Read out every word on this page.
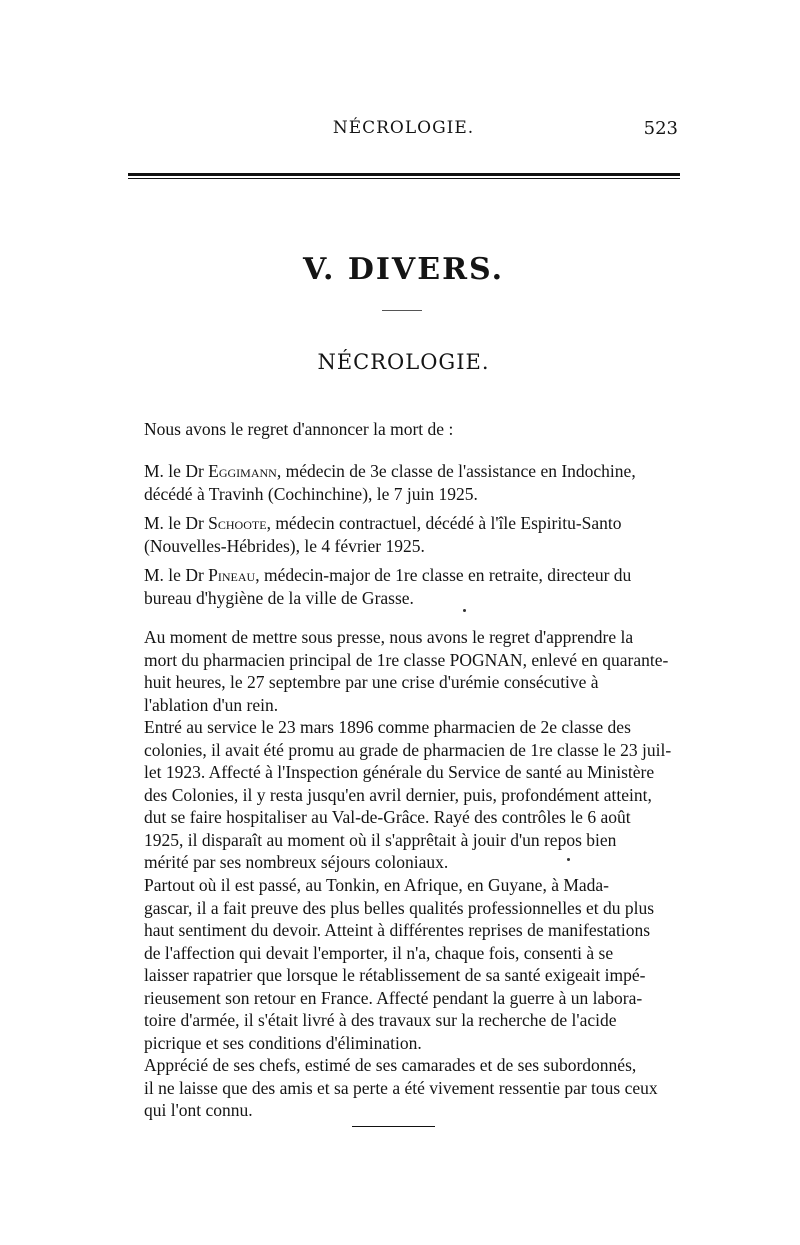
NÉCROLOGIE.	523
V. DIVERS.
NÉCROLOGIE.
Nous avons le regret d'annoncer la mort de :
M. le Dr Eggimann, médecin de 3e classe de l'assistance en Indochine,
décédé à Travinh (Cochinchine), le 7 juin 1925.
M. le Dr Schoote, médecin contractuel, décédé à l'île Espiritu-Santo
(Nouvelles-Hébrides), le 4 février 1925.
M. le Dr Pineau, médecin-major de 1re classe en retraite, directeur du
bureau d'hygiène de la ville de Grasse.
Au moment de mettre sous presse, nous avons le regret d'apprendre la
mort du pharmacien principal de 1re classe POGNAN, enlevé en quarante-
huit heures, le 27 septembre par une crise d'urémie consécutive à
l'ablation d'un rein.
Entré au service le 23 mars 1896 comme pharmacien de 2e classe des
colonies, il avait été promu au grade de pharmacien de 1re classe le 23 juil-
let 1923. Affecté à l'Inspection générale du Service de santé au Ministère
des Colonies, il y resta jusqu'en avril dernier, puis, profondément atteint,
dut se faire hospitaliser au Val-de-Grâce. Rayé des contrôles le 6 août
1925, il disparaît au moment où il s'apprêtait à jouir d'un repos bien
mérité par ses nombreux séjours coloniaux.
Partout où il est passé, au Tonkin, en Afrique, en Guyane, à Mada-
gascar, il a fait preuve des plus belles qualités professionnelles et du plus
haut sentiment du devoir. Atteint à différentes reprises de manifestations
de l'affection qui devait l'emporter, il n'a, chaque fois, consenti à se
laisser rapatrier que lorsque le rétablissement de sa santé exigeait impé-
rieusement son retour en France. Affecté pendant la guerre à un labora-
toire d'armée, il s'était livré à des travaux sur la recherche de l'acide
picrique et ses conditions d'élimination.
Apprécié de ses chefs, estimé de ses camarades et de ses subordonnés,
il ne laisse que des amis et sa perte a été vivement ressentie par tous ceux
qui l'ont connu.
